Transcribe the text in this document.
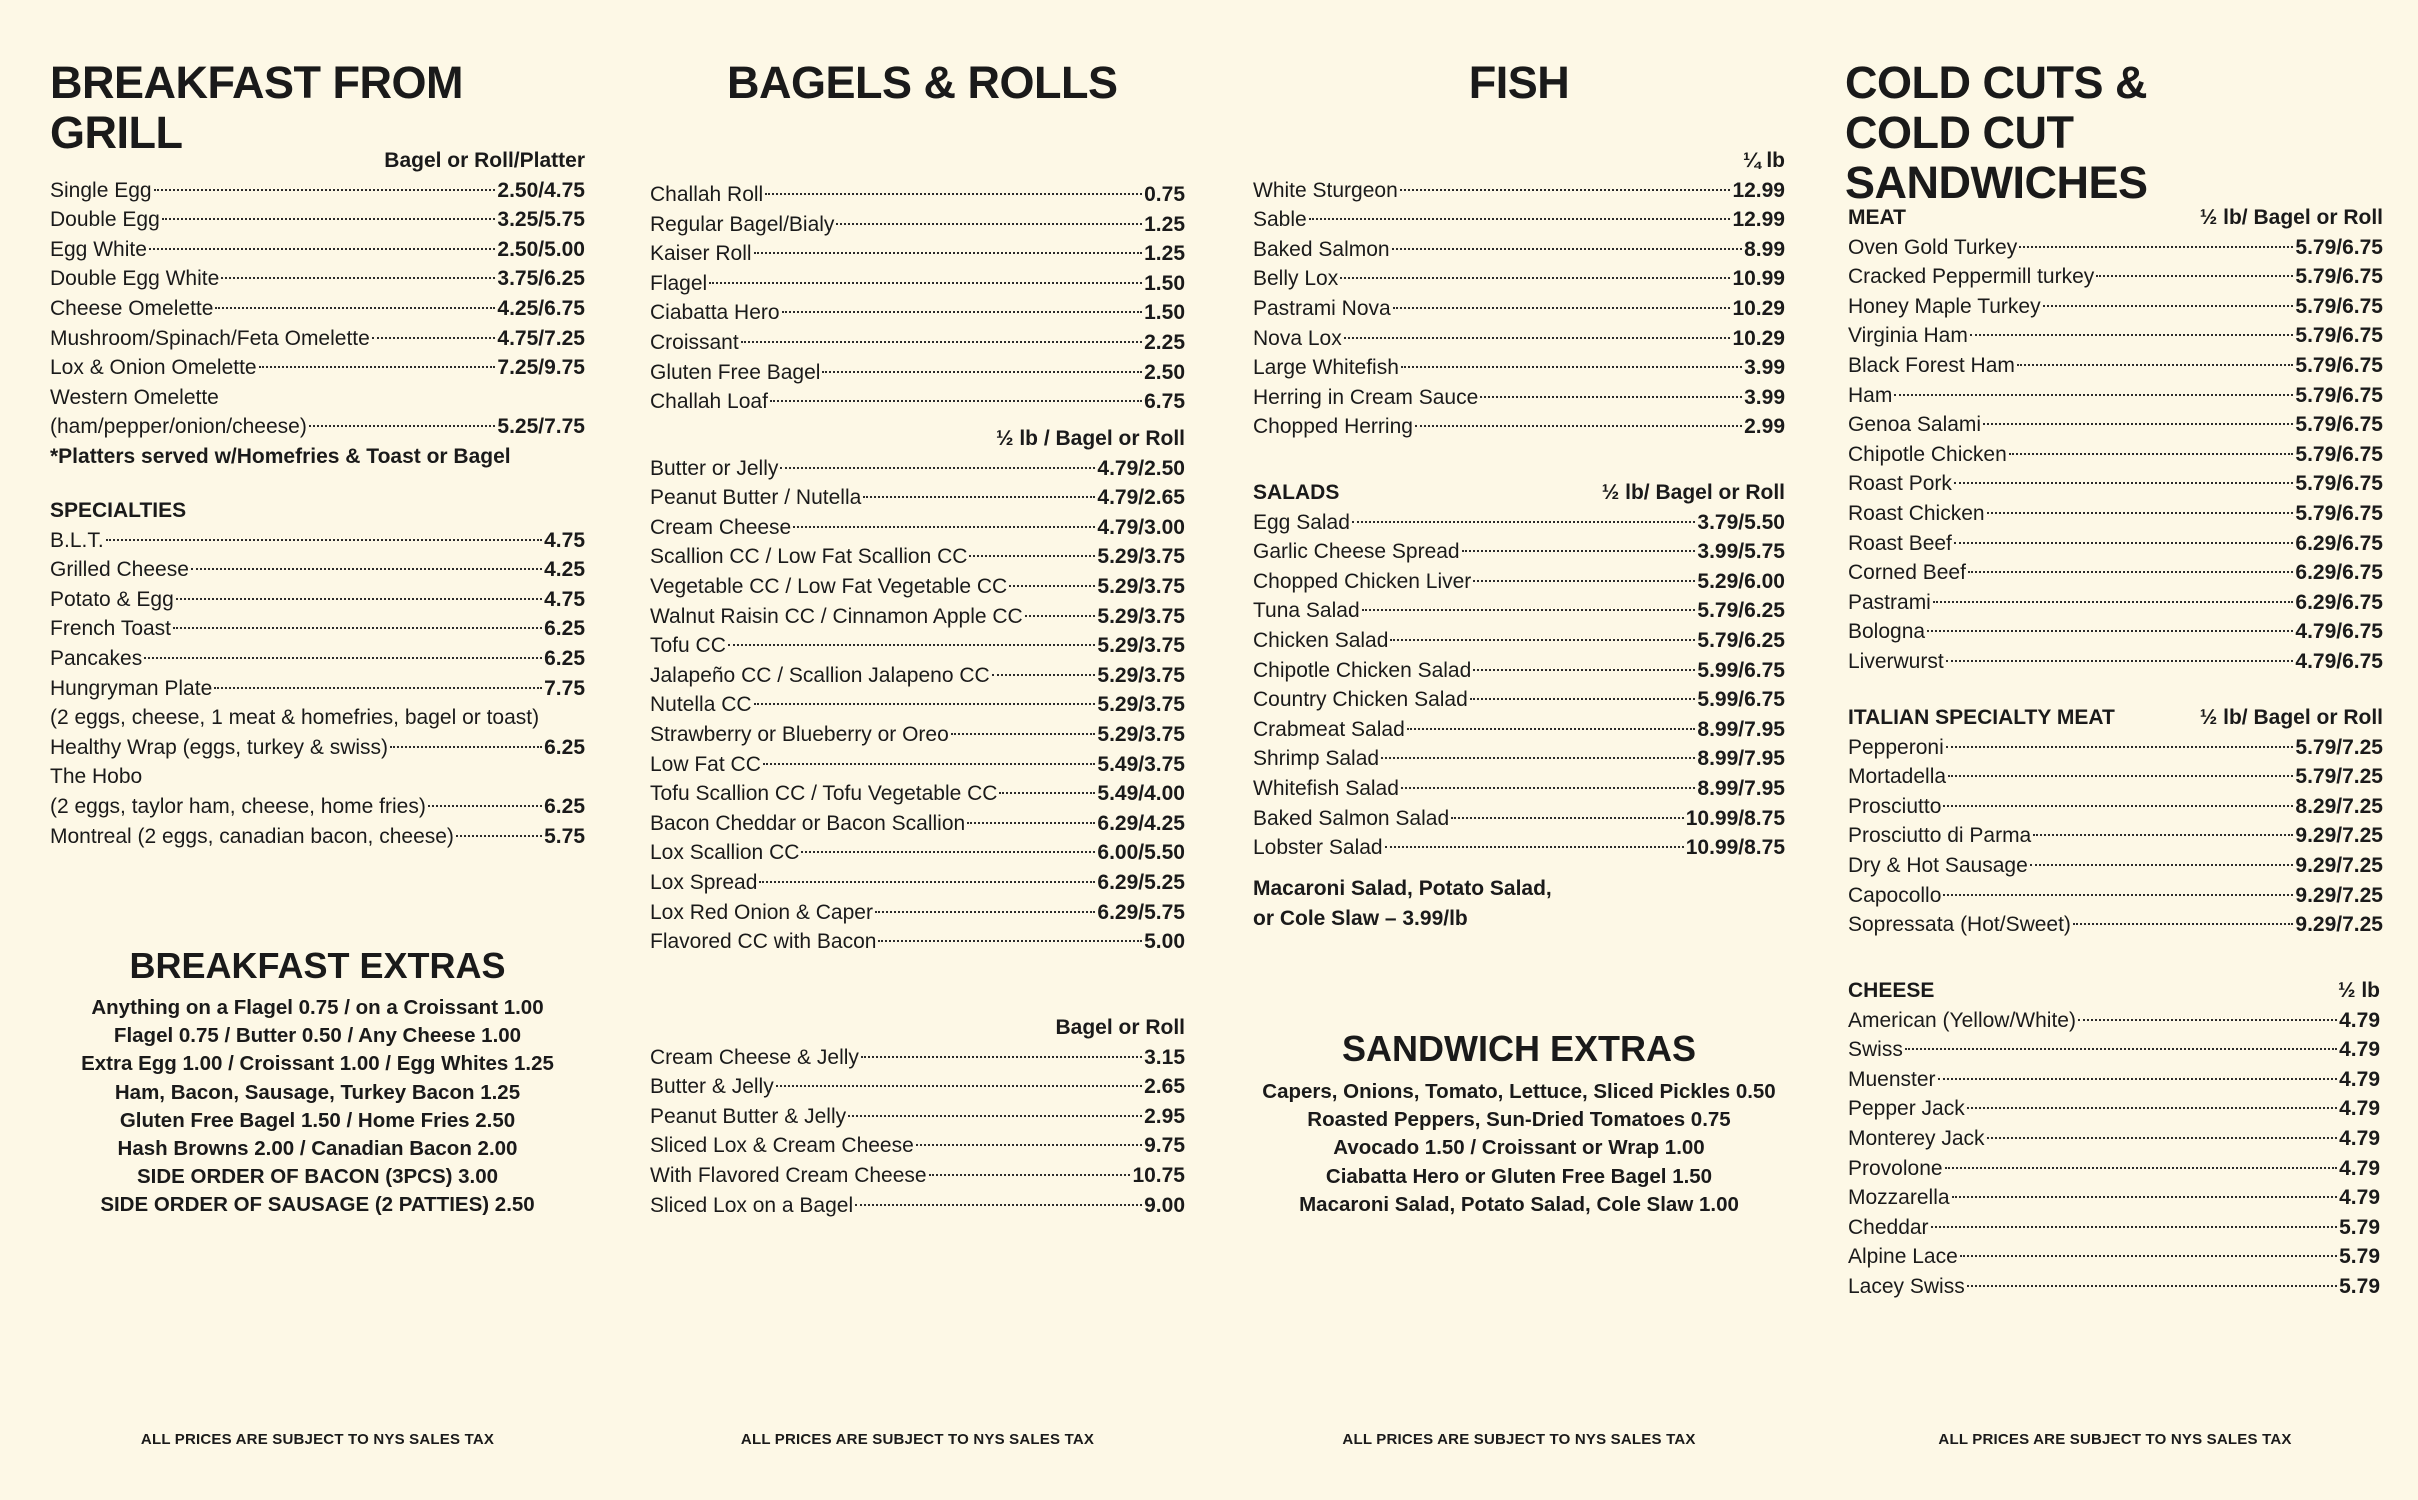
BREAKFAST FROM GRILL
Bagel or Roll/Platter
Single Egg	2.50/4.75
Double Egg	3.25/5.75
Egg White	2.50/5.00
Double Egg White	3.75/6.25
Cheese Omelette	4.25/6.75
Mushroom/Spinach/Feta Omelette	4.75/7.25
Lox & Onion Omelette	7.25/9.75
Western Omelette
(ham/pepper/onion/cheese)	5.25/7.75
*Platters served w/Homefries & Toast or Bagel
SPECIALTIES
B.L.T.	4.75
Grilled Cheese	4.25
Potato & Egg	4.75
French Toast	6.25
Pancakes	6.25
Hungryman Plate	7.75
(2 eggs, cheese, 1 meat & homefries, bagel or toast)
Healthy Wrap (eggs, turkey & swiss)	6.25
The Hobo
(2 eggs, taylor ham, cheese, home fries)	6.25
Montreal (2 eggs, canadian bacon, cheese)	5.75
BREAKFAST EXTRAS
Anything on a Flagel 0.75 / on a Croissant 1.00
Flagel 0.75 / Butter 0.50 / Any Cheese 1.00
Extra Egg 1.00 / Croissant 1.00 / Egg Whites 1.25
Ham, Bacon, Sausage, Turkey Bacon 1.25
Gluten Free Bagel 1.50 / Home Fries 2.50
Hash Browns 2.00 / Canadian Bacon 2.00
SIDE ORDER OF BACON (3PCS) 3.00
SIDE ORDER OF SAUSAGE (2 PATTIES) 2.50
ALL PRICES ARE SUBJECT TO NYS SALES TAX
BAGELS & ROLLS
Challah Roll	0.75
Regular Bagel/Bialy	1.25
Kaiser Roll	1.25
Flagel	1.50
Ciabatta Hero	1.50
Croissant	2.25
Gluten Free Bagel	2.50
Challah Loaf	6.75
½ lb / Bagel or Roll
Butter or Jelly	4.79/2.50
Peanut Butter / Nutella	4.79/2.65
Cream Cheese	4.79/3.00
Scallion CC / Low Fat Scallion CC	5.29/3.75
Vegetable CC / Low Fat Vegetable CC	5.29/3.75
Walnut Raisin CC / Cinnamon Apple CC	5.29/3.75
Tofu CC	5.29/3.75
Jalapeño CC / Scallion Jalapeno CC	5.29/3.75
Nutella CC	5.29/3.75
Strawberry or Blueberry or Oreo	5.29/3.75
Low Fat CC	5.49/3.75
Tofu Scallion CC / Tofu Vegetable CC	5.49/4.00
Bacon Cheddar or Bacon Scallion	6.29/4.25
Lox Scallion CC	6.00/5.50
Lox Spread	6.29/5.25
Lox Red Onion & Caper	6.29/5.75
Flavored CC with Bacon	5.00
Bagel or Roll
Cream Cheese & Jelly	3.15
Butter & Jelly	2.65
Peanut Butter & Jelly	2.95
Sliced Lox & Cream Cheese	9.75
With Flavored Cream Cheese	10.75
Sliced Lox on a Bagel	9.00
ALL PRICES ARE SUBJECT TO NYS SALES TAX
FISH
¼ lb
White Sturgeon	12.99
Sable	12.99
Baked Salmon	8.99
Belly Lox	10.99
Pastrami Nova	10.29
Nova Lox	10.29
Large Whitefish	3.99
Herring in Cream Sauce	3.99
Chopped Herring	2.99
SALADS	½ lb/ Bagel or Roll
Egg Salad	3.79/5.50
Garlic Cheese Spread	3.99/5.75
Chopped Chicken Liver	5.29/6.00
Tuna Salad	5.79/6.25
Chicken Salad	5.79/6.25
Chipotle Chicken Salad	5.99/6.75
Country Chicken Salad	5.99/6.75
Crabmeat Salad	8.99/7.95
Shrimp Salad	8.99/7.95
Whitefish Salad	8.99/7.95
Baked Salmon Salad	10.99/8.75
Lobster Salad	10.99/8.75
Macaroni Salad, Potato Salad,
or Cole Slaw – 3.99/lb
SANDWICH EXTRAS
Capers, Onions, Tomato, Lettuce, Sliced Pickles 0.50
Roasted Peppers, Sun-Dried Tomatoes 0.75
Avocado 1.50 / Croissant or Wrap 1.00
Ciabatta Hero or Gluten Free Bagel 1.50
Macaroni Salad, Potato Salad, Cole Slaw 1.00
ALL PRICES ARE SUBJECT TO NYS SALES TAX
COLD CUTS &
COLD CUT SANDWICHES
MEAT	½ lb/ Bagel or Roll
Oven Gold Turkey	5.79/6.75
Cracked Peppermill turkey	5.79/6.75
Honey Maple Turkey	5.79/6.75
Virginia Ham	5.79/6.75
Black Forest Ham	5.79/6.75
Ham	5.79/6.75
Genoa Salami	5.79/6.75
Chipotle Chicken	5.79/6.75
Roast Pork	5.79/6.75
Roast Chicken	5.79/6.75
Roast Beef	6.29/6.75
Corned Beef	6.29/6.75
Pastrami	6.29/6.75
Bologna	4.79/6.75
Liverwurst	4.79/6.75
ITALIAN SPECIALTY MEAT	½ lb/ Bagel or Roll
Pepperoni	5.79/7.25
Mortadella	5.79/7.25
Prosciutto	8.29/7.25
Prosciutto di Parma	9.29/7.25
Dry & Hot Sausage	9.29/7.25
Capocollo	9.29/7.25
Sopressata (Hot/Sweet)	9.29/7.25
CHEESE	½ lb
American (Yellow/White)	4.79
Swiss	4.79
Muenster	4.79
Pepper Jack	4.79
Monterey Jack	4.79
Provolone	4.79
Mozzarella	4.79
Cheddar	5.79
Alpine Lace	5.79
Lacey Swiss	5.79
ALL PRICES ARE SUBJECT TO NYS SALES TAX
